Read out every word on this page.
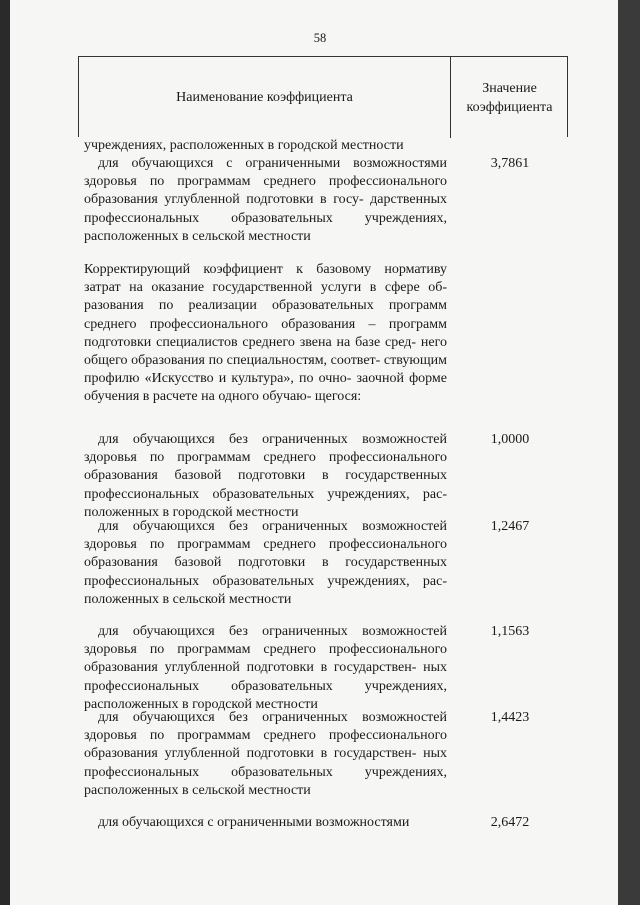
58
Наименование коэффициента
Значение коэффициента
учреждениях, расположенных в городской местности
для обучающихся с ограниченными возможностями здоровья по программам среднего профессионального образования углубленной подготовки в госу- дарственных профессиональных образовательных учреждениях, расположенных в сельской местности
3,7861
Корректирующий коэффициент к базовому нормативу затрат на оказание государственной услуги в сфере об- разования по реализации образовательных программ среднего профессионального образования – программ подготовки специалистов среднего звена на базе сред- него общего образования по специальностям, соответ- ствующим профилю «Искусство и культура», по очно- заочной форме обучения в расчете на одного обучаю- щегося:
для обучающихся без ограниченных возможностей здоровья по программам среднего профессионального образования базовой подготовки в государственных профессиональных образовательных учреждениях, рас- положенных в городской местности
1,0000
для обучающихся без ограниченных возможностей здоровья по программам среднего профессионального образования базовой подготовки в государственных профессиональных образовательных учреждениях, рас- положенных в сельской местности
1,2467
для обучающихся без ограниченных возможностей здоровья по программам среднего профессионального образования углубленной подготовки в государствен- ных профессиональных образовательных учреждениях, расположенных в городской местности
1,1563
для обучающихся без ограниченных возможностей здоровья по программам среднего профессионального образования углубленной подготовки в государствен- ных профессиональных образовательных учреждениях, расположенных в сельской местности
1,4423
для обучающихся с ограниченными возможностями	2,6472
